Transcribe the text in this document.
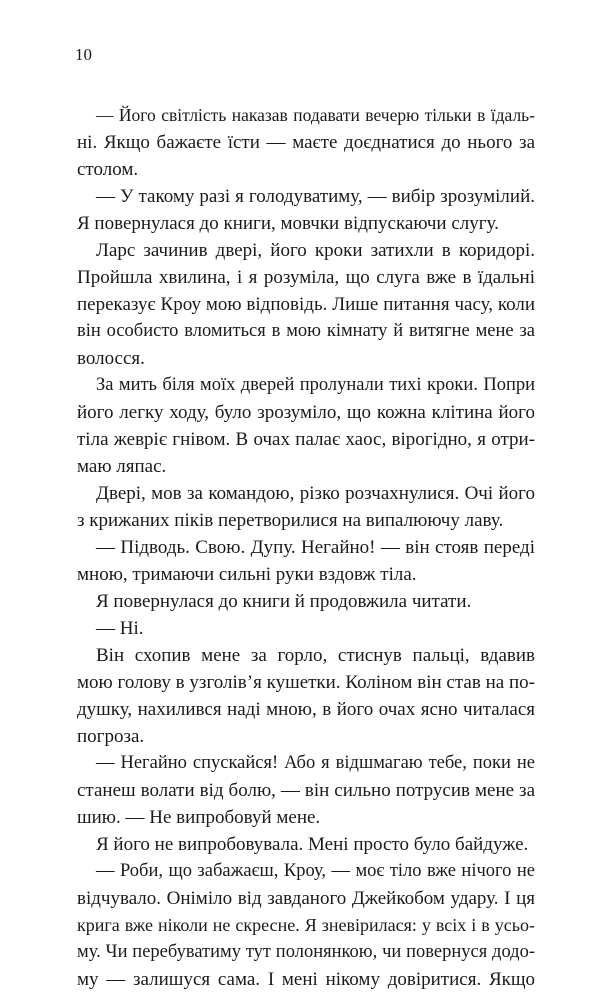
10
— Його світлість наказав подавати вечерю тільки в їдаль-
ні. Якщо бажаєте їсти — маєте доєднатися до нього за
столом.
— У такому разі я голодуватиму, — вибір зрозумілий.
Я повернулася до книги, мовчки відпускаючи слугу.
Ларс зачинив двері, його кроки затихли в коридорі.
Пройшла хвилина, і я розуміла, що слуга вже в їдальні
переказує Кроу мою відповідь. Лише питання часу, коли
він особисто вломиться в мою кімнату й витягне мене за
волосся.
За мить біля моїх дверей пролунали тихі кроки. Попри
його легку ходу, було зрозуміло, що кожна клітина його
тіла жевріє гнівом. В очах палає хаос, вірогідно, я отри-
маю ляпас.
Двері, мов за командою, різко розчахнулися. Очі його
з крижаних піків перетворилися на випалюючу лаву.
— Підводь. Свою. Дупу. Негайно! — він стояв переді
мною, тримаючи сильні руки вздовж тіла.
Я повернулася до книги й продовжила читати.
— Ні.
Він схопив мене за горло, стиснув пальці, вдавив
мою голову в узголів’я кушетки. Коліном він став на по-
душку, нахилився наді мною, в його очах ясно читалася
погроза.
— Негайно спускайся! Або я відшмагаю тебе, поки не
станеш волати від болю, — він сильно потрусив мене за
шию. — Не випробовуй мене.
Я його не випробовувала. Мені просто було байдуже.
— Роби, що забажаєш, Кроу, — моє тіло вже нічого не
відчувало. Оніміло від завданого Джейкобом удару. І ця
крига вже ніколи не скресне. Я зневірилася: у всіх і в усьо-
му. Чи перебуватиму тут полонянкою, чи повернуся додо-
му — залишуся сама. І мені нікому довіритися. Якщо
